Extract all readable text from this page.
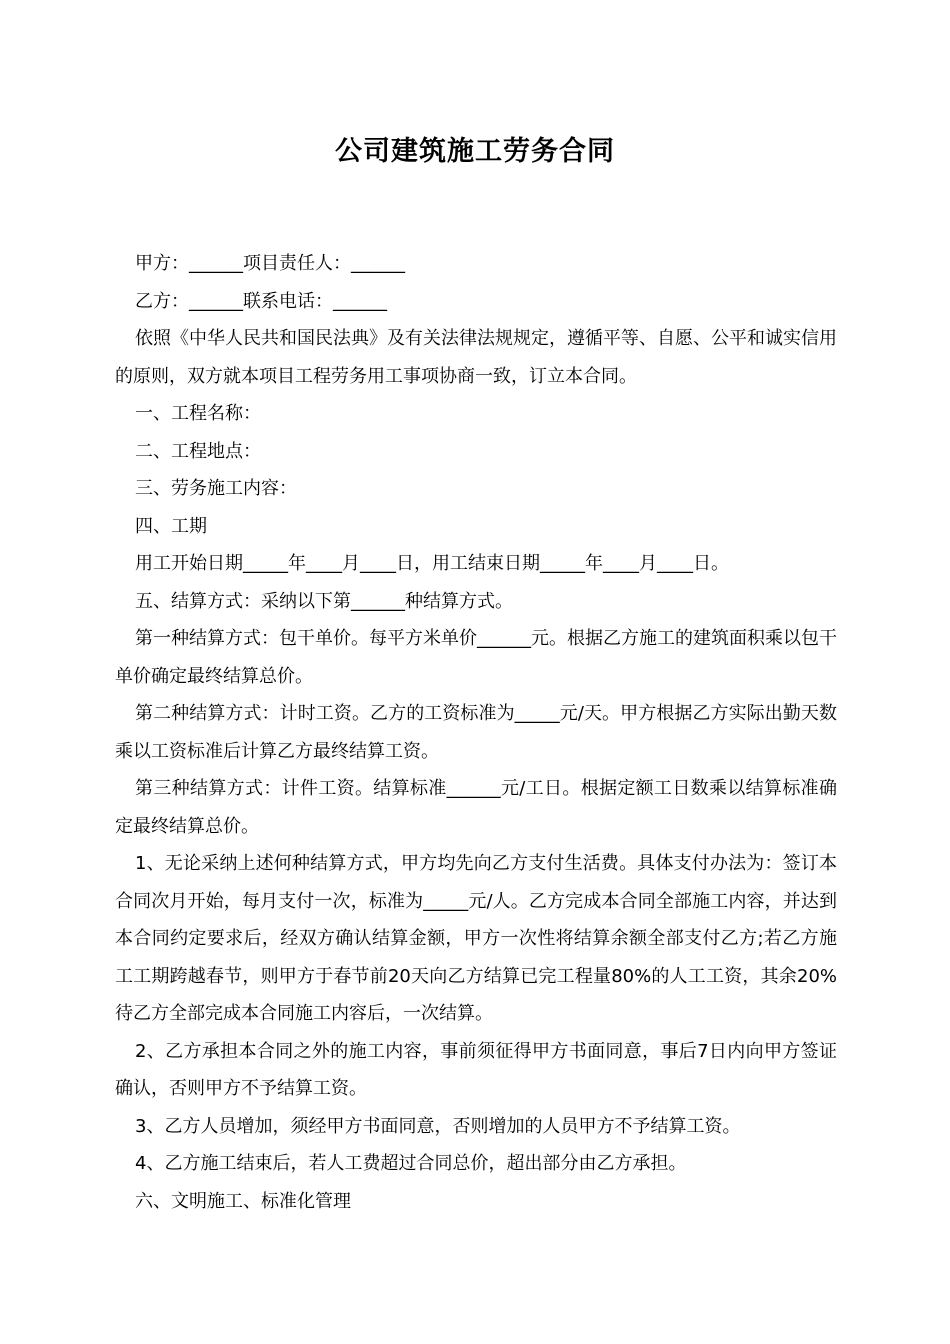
公司建筑施工劳务合同

甲方：______项目责任人：______

乙方：______联系电话：______

依照《中华人民共和国民法典》及有关法律法规规定，遵循平等、自愿、公平和诚实信用的原则，双方就本项目工程劳务用工事项协商一致，订立本合同。

一、工程名称：

二、工程地点：

三、劳务施工内容：

四、工期

用工开始日期_____年____月____日，用工结束日期_____年____月____日。

五、结算方式：采纳以下第______种结算方式。

第一种结算方式：包干单价。每平方米单价______元。根据乙方施工的建筑面积乘以包干单价确定最终结算总价。

第二种结算方式：计时工资。乙方的工资标准为_____元/天。甲方根据乙方实际出勤天数乘以工资标准后计算乙方最终结算工资。

第三种结算方式：计件工资。结算标准______元/工日。根据定额工日数乘以结算标准确定最终结算总价。

1、无论采纳上述何种结算方式，甲方均先向乙方支付生活费。具体支付办法为：签订本合同次月开始，每月支付一次，标准为_____元/人。乙方完成本合同全部施工内容，并达到本合同约定要求后，经双方确认结算金额，甲方一次性将结算余额全部支付乙方;若乙方施工工期跨越春节，则甲方于春节前20天向乙方结算已完工程量80%的人工工资，其余20%待乙方全部完成本合同施工内容后，一次结算。

2、乙方承担本合同之外的施工内容，事前须征得甲方书面同意，事后7日内向甲方签证确认，否则甲方不予结算工资。

3、乙方人员增加，须经甲方书面同意，否则增加的人员甲方不予结算工资。

4、乙方施工结束后，若人工费超过合同总价，超出部分由乙方承担。

六、文明施工、标准化管理
